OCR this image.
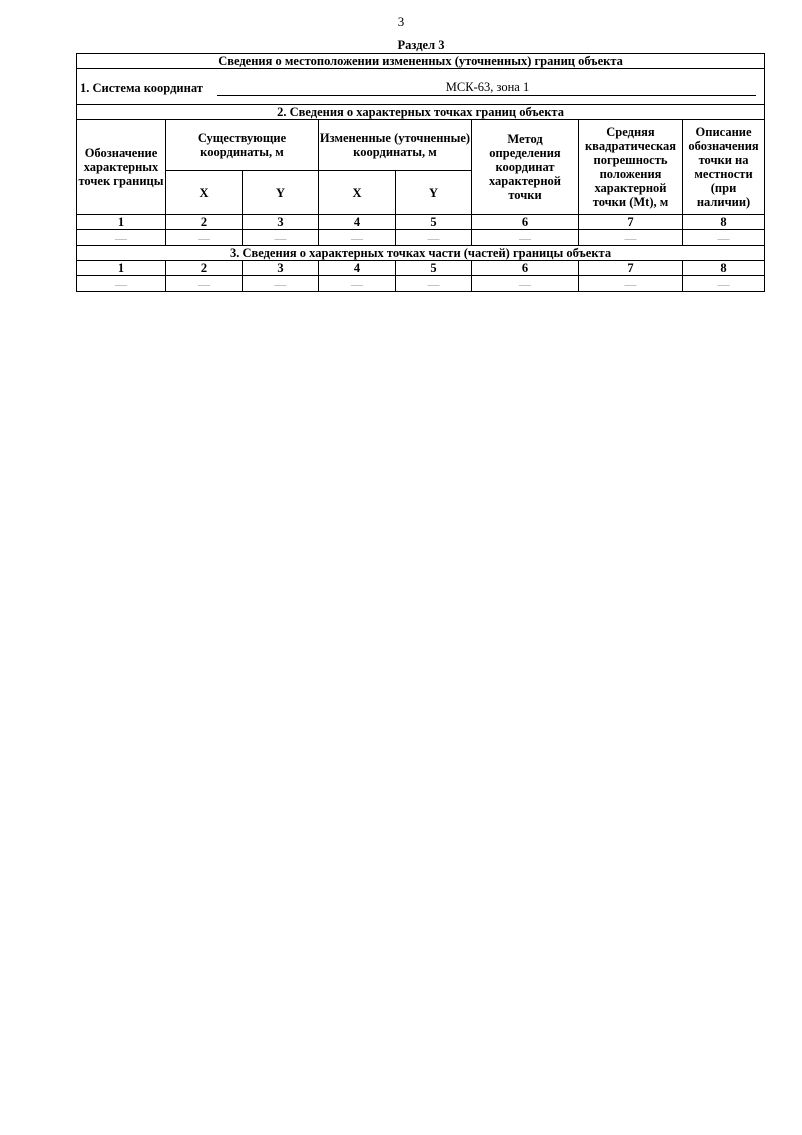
3
Раздел 3
Сведения о местоположении измененных (уточненных) границ объекта							

1. Система координат МСК-63, зона 1							

2. Сведения о характерных точках границ объекта							
Обозначение характерных точек границы	Существующие координаты, м		Измененные (уточненные) координаты, м		Метод определения координат характерной точки	Средняя квадратическая погрешность положения характерной точки (Mt), м	Описание обозначения точки на местности (при наличии)
	X	Y	X	Y			
1	2	3	4	5	6	7	8
—	—	—	—	—	—	—	—
3. Сведения о характерных точках части (частей) границы объекта							
1	2	3	4	5	6	7	8
—	—	—	—	—	—	—	—
